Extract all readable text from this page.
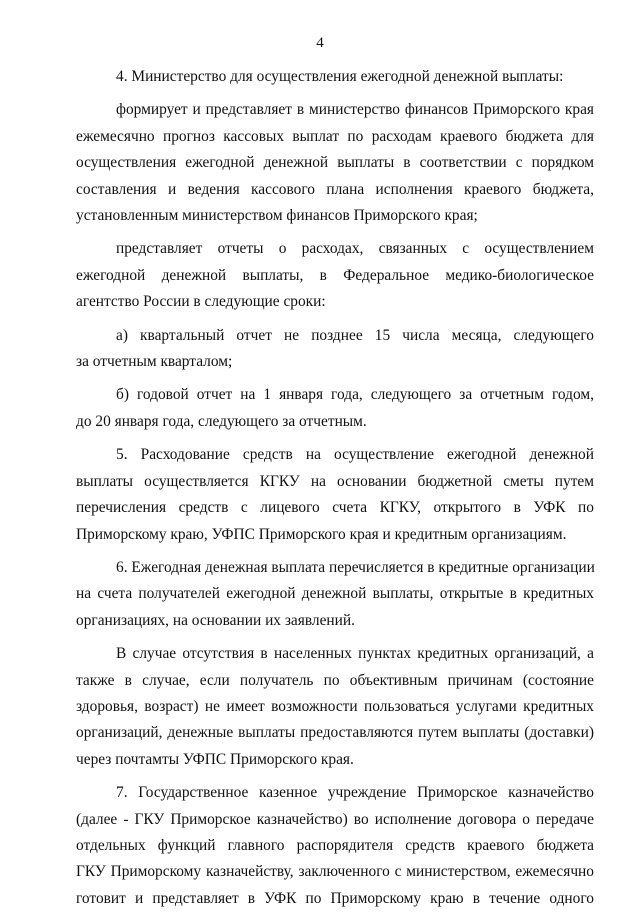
4

4. Министерство для осуществления ежегодной денежной выплаты:

формирует и представляет в министерство финансов Приморского края
ежемесячно прогноз кассовых выплат по расходам краевого бюджета для
осуществления ежегодной денежной выплаты в соответствии с порядком
составления и ведения кассового плана исполнения краевого бюджета,
установленным министерством финансов Приморского края;

представляет отчеты о расходах, связанных с осуществлением
ежегодной денежной выплаты, в Федеральное медико-биологическое
агентство России в следующие сроки:

а) квартальный отчет не позднее 15 числа месяца, следующего
за отчетным кварталом;

б) годовой отчет на 1 января года, следующего за отчетным годом,
до 20 января года, следующего за отчетным.

5. Расходование средств на осуществление ежегодной денежной
выплаты осуществляется КГКУ на основании бюджетной сметы путем
перечисления средств с лицевого счета КГКУ, открытого в УФК по
Приморскому краю, УФПС Приморского края и кредитным организациям.

6. Ежегодная денежная выплата перечисляется в кредитные организации
на счета получателей ежегодной денежной выплаты, открытые в кредитных
организациях, на основании их заявлений.

В случае отсутствия в населенных пунктах кредитных организаций, а
также в случае, если получатель по объективным причинам (состояние
здоровья, возраст) не имеет возможности пользоваться услугами кредитных
организаций, денежные выплаты предоставляются путем выплаты (доставки)
через почтамты УФПС Приморского края.

7. Государственное казенное учреждение Приморское казначейство
(далее - ГКУ Приморское казначейство) во исполнение договора о передаче
отдельных функций главного распорядителя средств краевого бюджета
ГКУ Приморскому казначейству, заключенного с министерством, ежемесячно
готовит и представляет в УФК по Приморскому краю в течение одного
